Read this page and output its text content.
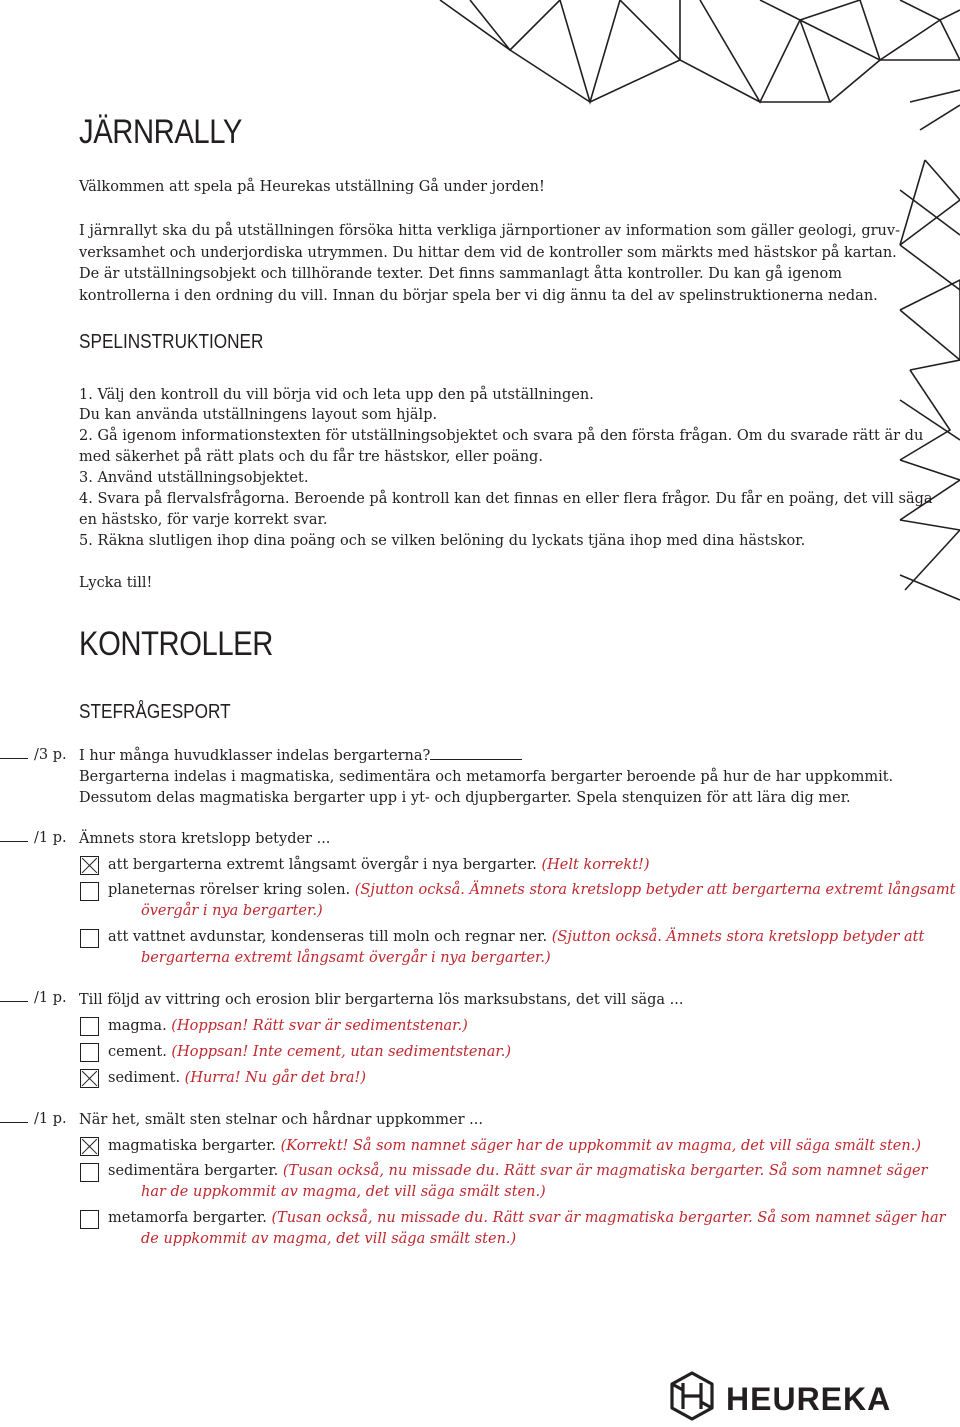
JÄRNRALLY
Välkommen att spela på Heurekas utställning Gå under jorden!
I järnrallyt ska du på utställningen försöka hitta verkliga järnportioner av information som gäller geologi, gruvverksamhet och underjordiska utrymmen. Du hittar dem vid de kontroller som märkts med hästskor på kartan. De är utställningsobjekt och tillhörande texter. Det finns sammanlagt åtta kontroller. Du kan gå igenom kontrollerna i den ordning du vill. Innan du börjar spela ber vi dig ännu ta del av spelinstruktionerna nedan.
SPELINSTRUKTIONER
1. Välj den kontroll du vill börja vid och leta upp den på utställningen.
Du kan använda utställningens layout som hjälp.
2. Gå igenom informationstexten för utställningsobjektet och svara på den första frågan. Om du svarade rätt är du
med säkerhet på rätt plats och du får tre hästskor, eller poäng.
3. Använd utställningsobjektet.
4. Svara på flervalsfrågorna. Beroende på kontroll kan det finnas en eller flera frågor. Du får en poäng, det vill säga
en hästsko, för varje korrekt svar.
5. Räkna slutligen ihop dina poäng och se vilken belöning du lyckats tjäna ihop med dina hästskor.
Lycka till!
KONTROLLER
STEFRÅGESPORT
/3 p. I hur många huvudklasser indelas bergarterna?
Bergarterna indelas i magmatiska, sedimentära och metamorfa bergarter beroende på hur de har uppkommit.
Dessutom delas magmatiska bergarter upp i yt- och djupbergarter. Spela stenquizen för att lära dig mer.
/1 p. Ämnets stora kretslopp betyder ...
att bergarterna extremt långsamt övergår i nya bergarter. (Helt korrekt!)
planeternas rörelser kring solen. (Sjutton också. Ämnets stora kretslopp betyder att bergarterna extremt långsamt
övergår i nya bergarter.)
att vattnet avdunstar, kondenseras till moln och regnar ner. (Sjutton också. Ämnets stora kretslopp betyder att
bergarterna extremt långsamt övergår i nya bergarter.)
/1 p. Till följd av vittring och erosion blir bergarterna lös marksubstans, det vill säga ...
magma. (Hoppsan! Rätt svar är sedimentstenar.)
cement. (Hoppsan! Inte cement, utan sedimentstenar.)
sediment. (Hurra! Nu går det bra!)
/1 p. När het, smält sten stelnar och hårdnar uppkommer ...
magmatiska bergarter. (Korrekt! Så som namnet säger har de uppkommit av magma, det vill säga smält sten.)
sedimentära bergarter. (Tusan också, nu missade du. Rätt svar är magmatiska bergarter. Så som namnet säger
har de uppkommit av magma, det vill säga smält sten.)
metamorfa bergarter. (Tusan också, nu missade du. Rätt svar är magmatiska bergarter. Så som namnet säger har
de uppkommit av magma, det vill säga smält sten.)
HEUREKA
